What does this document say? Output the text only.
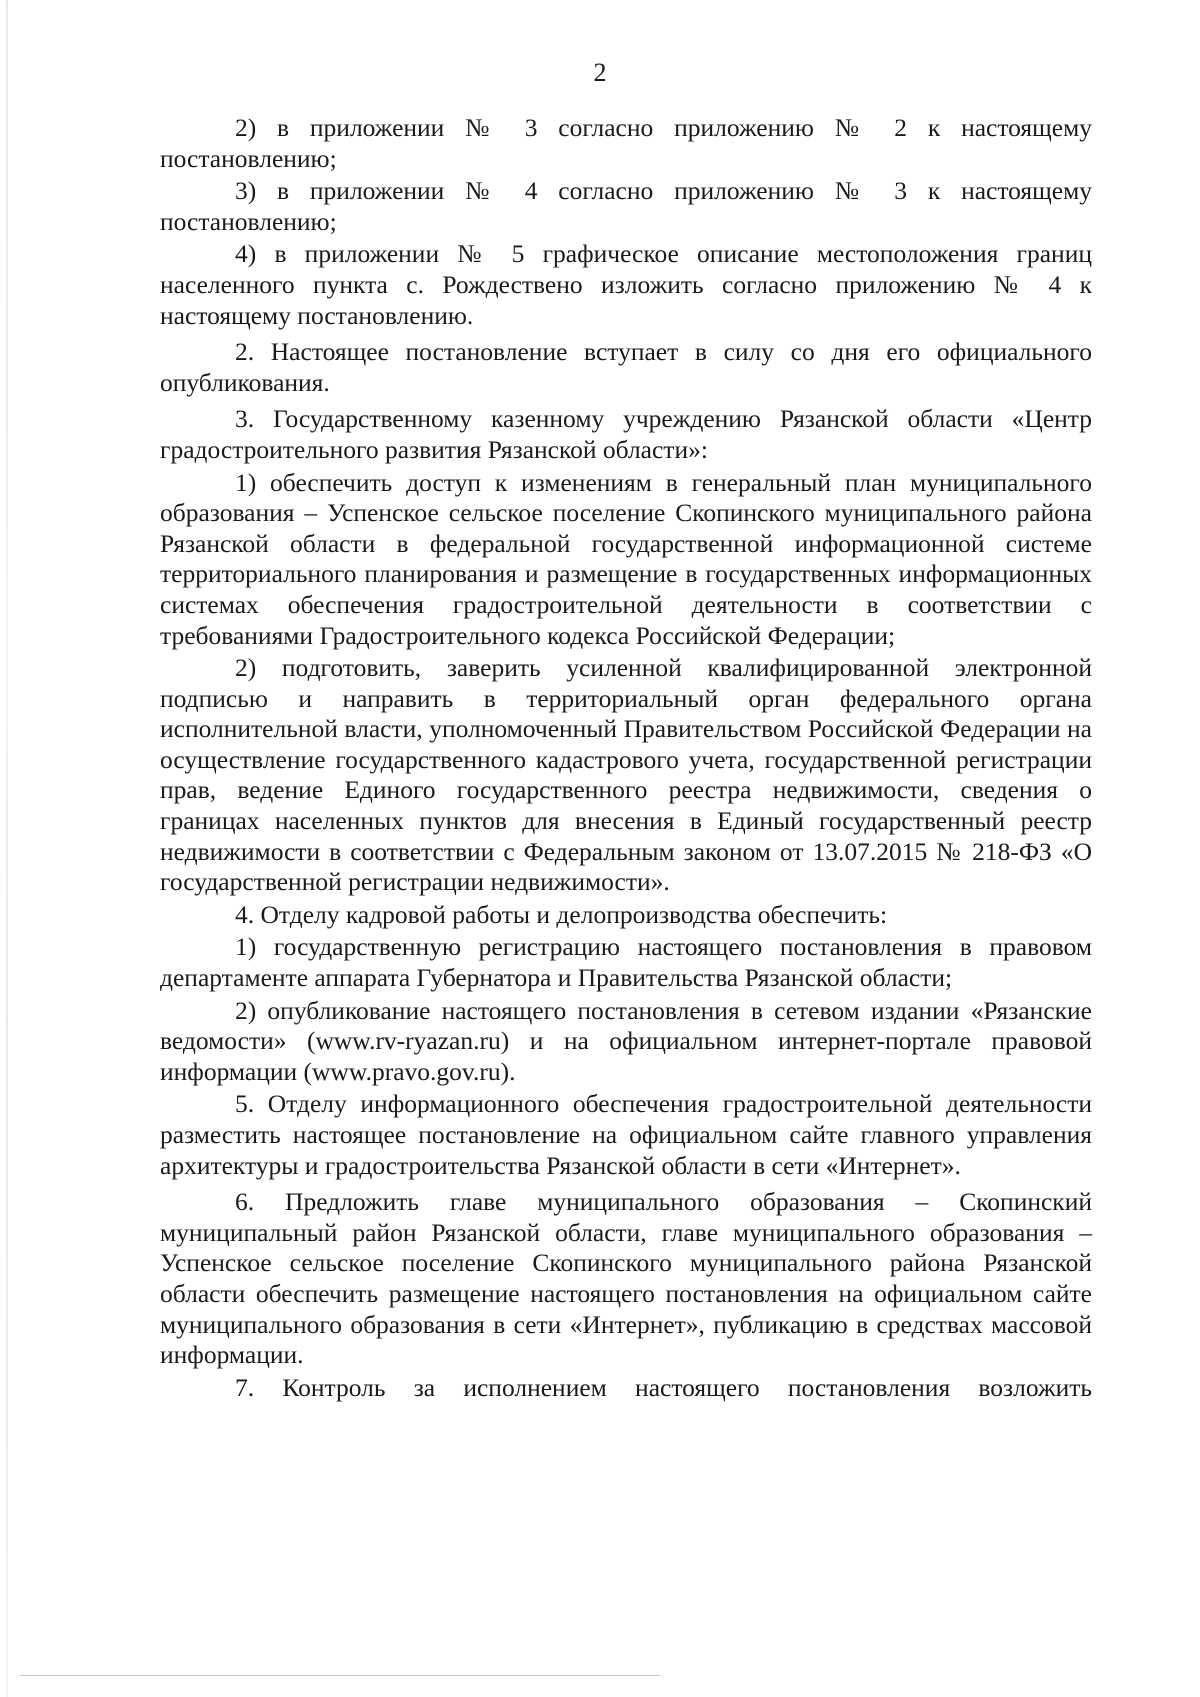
2

2) в приложении № 3 согласно приложению № 2 к настоящему постановлению;

3) в приложении № 4 согласно приложению № 3 к настоящему постановлению;

4) в приложении № 5 графическое описание местоположения границ населенного пункта с. Рождествено изложить согласно приложению № 4 к настоящему постановлению.

2. Настоящее постановление вступает в силу со дня его официального опубликования.

3. Государственному казенному учреждению Рязанской области «Центр градостроительного развития Рязанской области»:

1) обеспечить доступ к изменениям в генеральный план муниципального образования – Успенское сельское поселение Скопинского муниципального района Рязанской области в федеральной государственной информационной системе территориального планирования и размещение в государственных информационных системах обеспечения градостроительной деятельности в соответствии с требованиями Градостроительного кодекса Российской Федерации;

2) подготовить, заверить усиленной квалифицированной электронной подписью и направить в территориальный орган федерального органа исполнительной власти, уполномоченный Правительством Российской Федерации на осуществление государственного кадастрового учета, государственной регистрации прав, ведение Единого государственного реестра недвижимости, сведения о границах населенных пунктов для внесения в Единый государственный реестр недвижимости в соответствии с Федеральным законом от 13.07.2015 № 218-ФЗ «О государственной регистрации недвижимости».

4. Отделу кадровой работы и делопроизводства обеспечить:

1) государственную регистрацию настоящего постановления в правовом департаменте аппарата Губернатора и Правительства Рязанской области;

2) опубликование настоящего постановления в сетевом издании «Рязанские ведомости» (www.rv-ryazan.ru) и на официальном интернет-портале правовой информации (www.pravo.gov.ru).

5. Отделу информационного обеспечения градостроительной деятельности разместить настоящее постановление на официальном сайте главного управления архитектуры и градостроительства Рязанской области в сети «Интернет».

6. Предложить главе муниципального образования – Скопинский муниципальный район Рязанской области, главе муниципального образования – Успенское сельское поселение Скопинского муниципального района Рязанской области обеспечить размещение настоящего постановления на официальном сайте муниципального образования в сети «Интернет», публикацию в средствах массовой информации.

7. Контроль за исполнением настоящего постановления возложить
